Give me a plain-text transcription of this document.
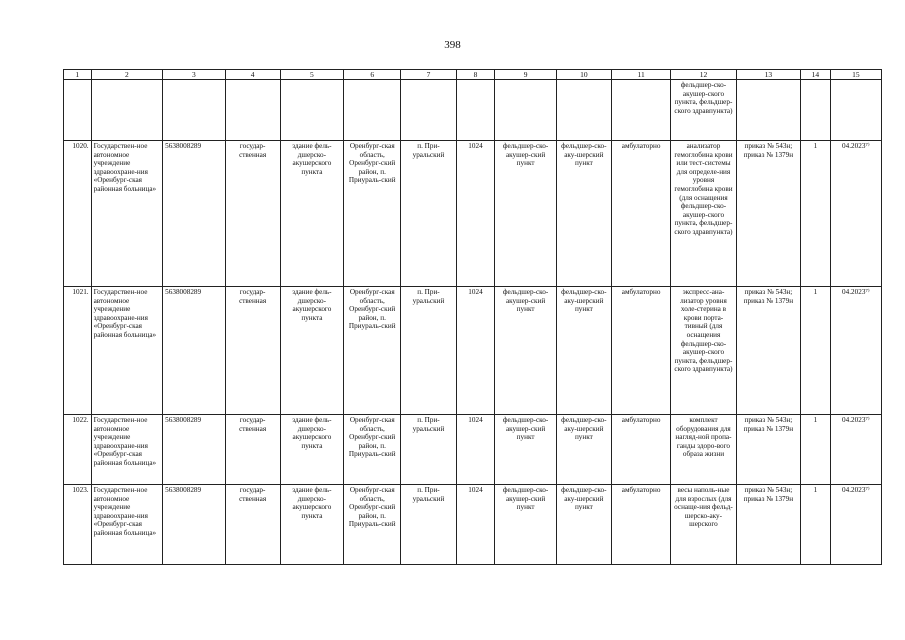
398
1	2	3	4	5	6	7	8	9	10	11	12	13	14	15
											фельдшер-ско-акушер-ского пункта, фельдшер-ского здравпункта)			
1020.	Государствен-ное автономное учреждение здравоохране-ния «Оренбург-ская районная больница»	5638008289	государ-ственная	здание фель-дшерско-акушерского пункта	Оренбург-ская область, Оренбург-ский район, п. Приураль-ский	п. При-уральский	1024	фельдшер-ско-акушер-ский пункт	фельдшер-ско-аку-шерский пункт	амбулаторно	анализатор гемоглобина крови или тест-системы для определе-ния уровня гемоглобина крови (для оснащения фельдшер-ско-акушер-ского пункта, фельдшер-ского здравпункта)	приказ № 543н; приказ № 1379н	1	04.2023⁷⁾
1021.	Государствен-ное автономное учреждение здравоохране-ния «Оренбург-ская районная больница»	5638008289	государ-ственная	здание фель-дшерско-акушерского пункта	Оренбург-ская область, Оренбург-ский район, п. Приураль-ский	п. При-уральский	1024	фельдшер-ско-акушер-ский пункт	фельдшер-ско-аку-шерский пункт	амбулаторно	экспресс-ана-лизатор уровня холе-стерина в крови порта-тивный (для оснащения фельдшер-ско-акушер-ского пункта, фельдшер-ского здравпункта)	приказ № 543н; приказ № 1379н	1	04.2023⁷⁾
1022.	Государствен-ное автономное учреждение здравоохране-ния «Оренбург-ская районная больница»	5638008289	государ-ственная	здание фель-дшерско-акушерского пункта	Оренбург-ская область, Оренбург-ский район, п. Приураль-ский	п. При-уральский	1024	фельдшер-ско-акушер-ский пункт	фельдшер-ско-аку-шерский пункт	амбулаторно	комплект оборудования для нагляд-ной пропа-ганды здоро-вого образа жизни	приказ № 543н; приказ № 1379н	1	04.2023⁷⁾
1023.	Государствен-ное автономное учреждение здравоохране-ния «Оренбург-ская районная больница»	5638008289	государ-ственная	здание фель-дшерско-акушерского пункта	Оренбург-ская область, Оренбург-ский район, п. Приураль-ский	п. При-уральский	1024	фельдшер-ско-акушер-ский пункт	фельдшер-ско-аку-шерский пункт	амбулаторно	весы наполь-ные для взрослых (для оснаще-ния фельд-шерско-аку-шерского	приказ № 543н; приказ № 1379н	1	04.2023⁷⁾
